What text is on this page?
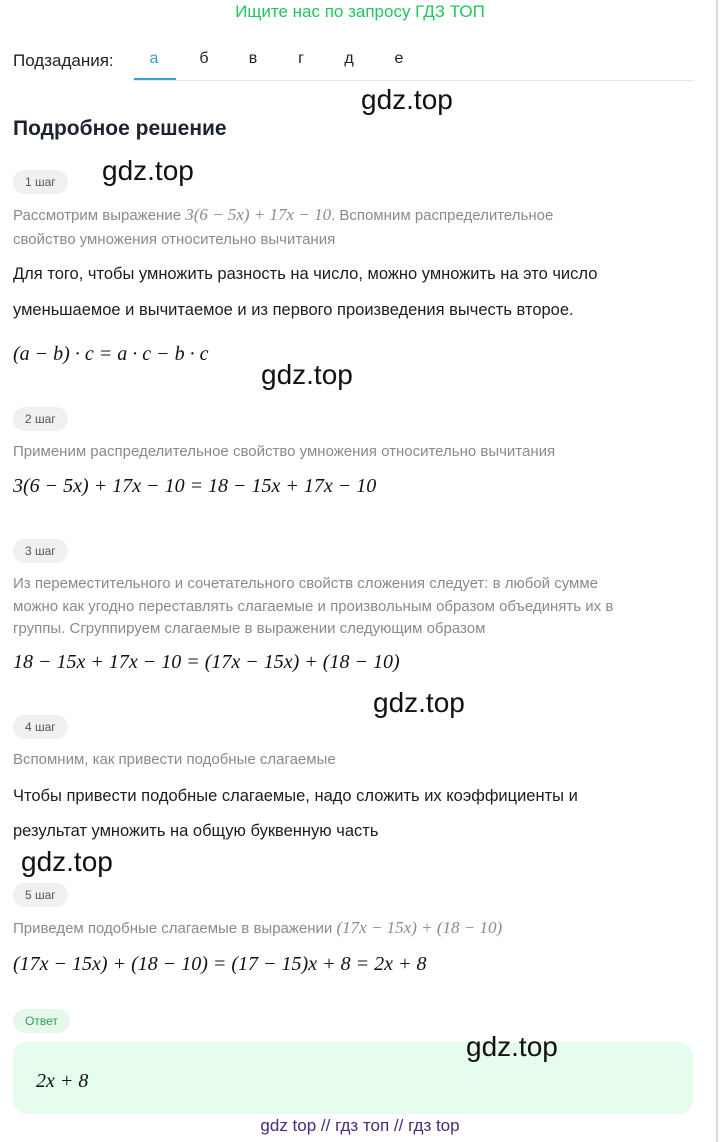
Ищите нас по запросу ГДЗ ТОП
Подзадания:	а	б	в	г	д	е
gdz.top
Подробное решение
1 шаг	gdz.top
Рассмотрим выражение 3(6 − 5x) + 17x − 10. Вспомним распределительное
свойство умножения относительно вычитания
Для того, чтобы умножить разность на число, можно умножить на это число
уменьшаемое и вычитаемое и из первого произведения вычесть второе.
(a − b) · c = a · c − b · c
gdz.top
2 шаг
Применим распределительное свойство умножения относительно вычитания
3(6 − 5x) + 17x − 10 = 18 − 15x + 17x − 10
3 шаг
Из переместительного и сочетательного свойств сложения следует: в любой сумме
можно как угодно переставлять слагаемые и произвольным образом объединять их в
группы. Сгруппируем слагаемые в выражении следующим образом
18 − 15x + 17x − 10 = (17x − 15x) + (18 − 10)
gdz.top
4 шаг
Вспомним, как привести подобные слагаемые
Чтобы привести подобные слагаемые, надо сложить их коэффициенты и
результат умножить на общую буквенную часть
gdz.top
5 шаг
Приведем подобные слагаемые в выражении (17x − 15x) + (18 − 10)
(17x − 15x) + (18 − 10) = (17 − 15)x + 8 = 2x + 8
Ответ
2x + 8
gdz.top
gdz top // гдз топ // гдз top
